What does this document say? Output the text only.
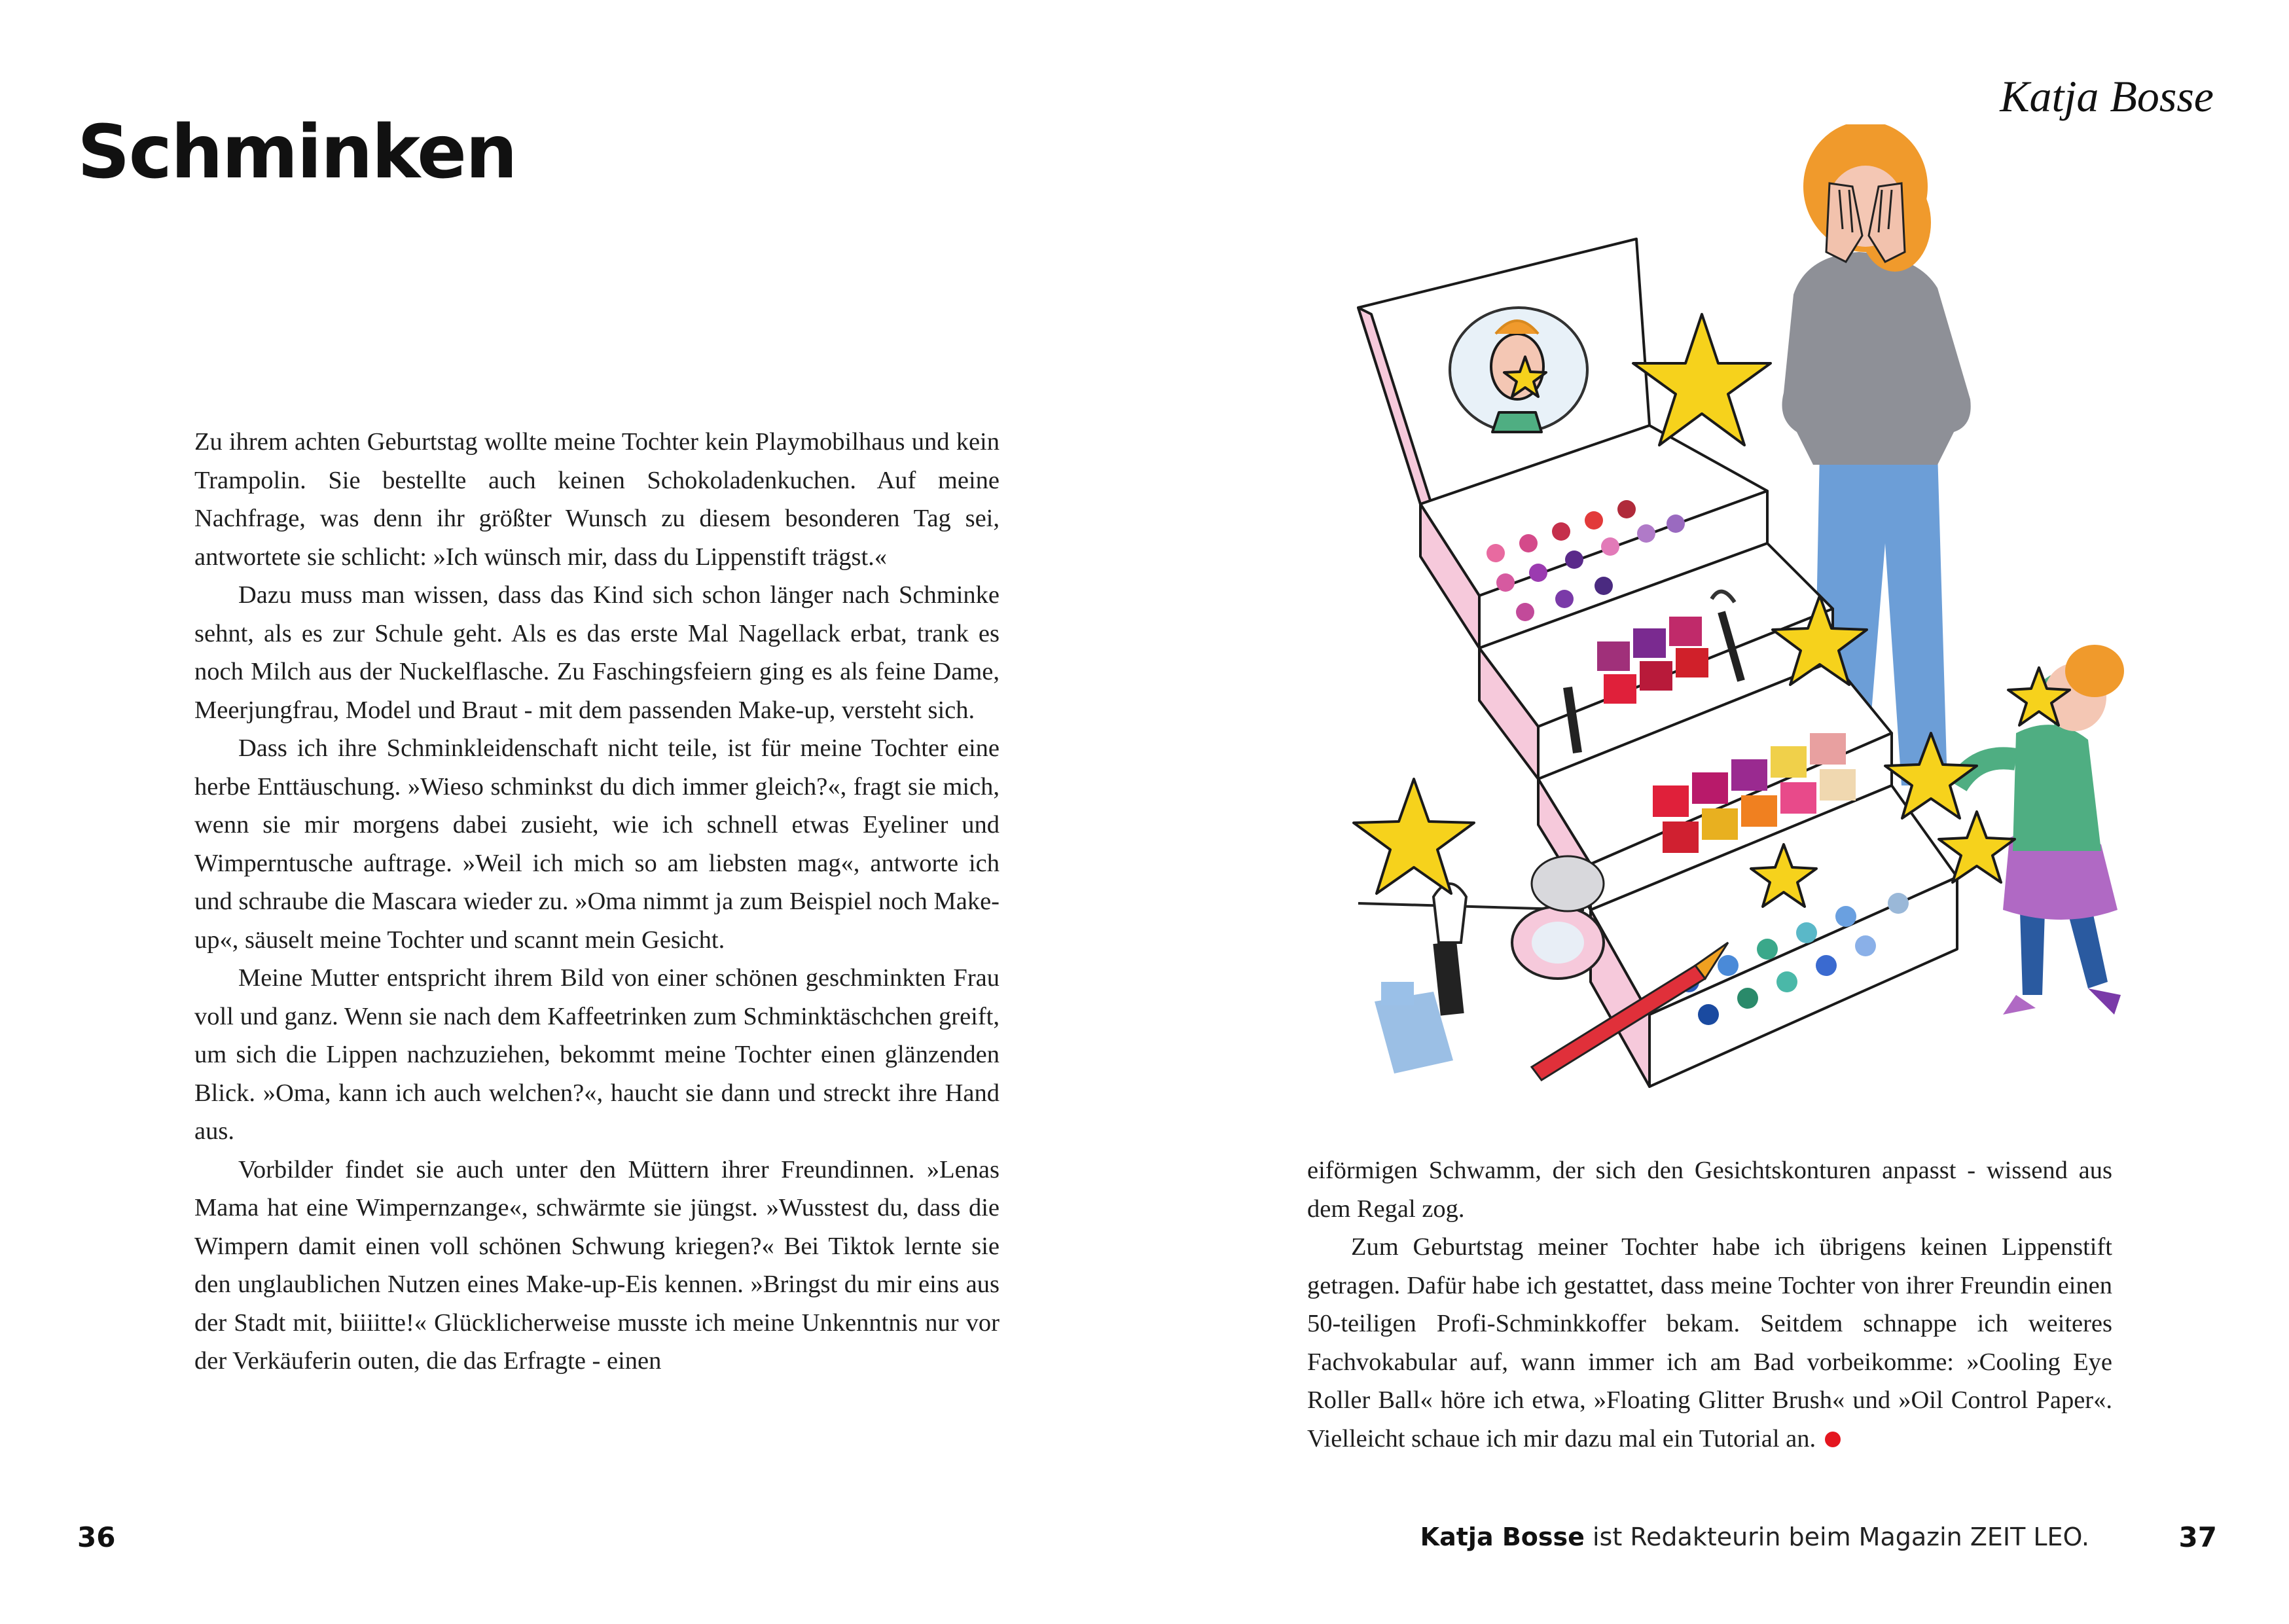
Schminken
Katja Bosse

Zu ihrem achten Geburtstag wollte meine Tochter kein Playmobilhaus und kein Trampolin. Sie bestellte auch keinen Schokoladenkuchen. Auf meine Nachfrage, was denn ihr größter Wunsch zu diesem besonderen Tag sei, antwortete sie schlicht: »Ich wünsch mir, dass du Lippenstift trägst.«

Dazu muss man wissen, dass das Kind sich schon länger nach Schminke sehnt, als es zur Schule geht. Als es das erste Mal Nagellack erbat, trank es noch Milch aus der Nuckelflasche. Zu Faschingsfeiern ging es als feine Dame, Meerjungfrau, Model und Braut - mit dem passenden Make-up, versteht sich.

Dass ich ihre Schminkleidenschaft nicht teile, ist für meine Tochter eine herbe Enttäuschung. »Wieso schminkst du dich immer gleich?«, fragt sie mich, wenn sie mir morgens dabei zusieht, wie ich schnell etwas Eyeliner und Wimperntusche auftrage. »Weil ich mich so am liebsten mag«, antworte ich und schraube die Mascara wieder zu. »Oma nimmt ja zum Beispiel noch Make-up«, säuselt meine Tochter und scannt mein Gesicht.

Meine Mutter entspricht ihrem Bild von einer schönen geschminkten Frau voll und ganz. Wenn sie nach dem Kaffeetrinken zum Schminktäschchen greift, um sich die Lippen nachzuziehen, bekommt meine Tochter einen glänzenden Blick. »Oma, kann ich auch welchen?«, haucht sie dann und streckt ihre Hand aus.

Vorbilder findet sie auch unter den Müttern ihrer Freundinnen. »Lenas Mama hat eine Wimpernzange«, schwärmte sie jüngst. »Wusstest du, dass die Wimpern damit einen voll schönen Schwung kriegen?« Bei Tiktok lernte sie den unglaublichen Nutzen eines Make-up-Eis kennen. »Bringst du mir eins aus der Stadt mit, biiiitte!« Glücklicherweise musste ich meine Unkenntnis nur vor der Verkäuferin outen, die das Erfragte - einen

eiförmigen Schwamm, der sich den Gesichtskonturen anpasst - wissend aus dem Regal zog.

Zum Geburtstag meiner Tochter habe ich übrigens keinen Lippenstift getragen. Dafür habe ich gestattet, dass meine Tochter von ihrer Freundin einen 50-teiligen Profi-Schminkkoffer bekam. Seitdem schnappe ich weiteres Fachvokabular auf, wann immer ich am Bad vorbeikomme: »Cooling Eye Roller Ball« höre ich etwa, »Floating Glitter Brush« und »Oil Control Paper«. Vielleicht schaue ich mir dazu mal ein Tutorial an.

36	Katja Bosse ist Redakteurin beim Magazin ZEIT LEO.	37
